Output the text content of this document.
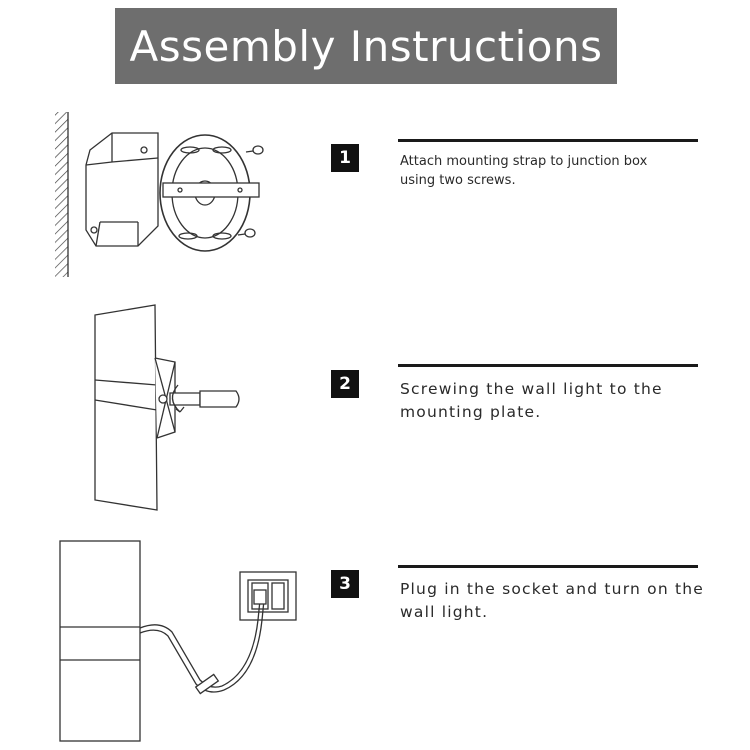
Assembly Instructions
1	Attach mounting strap to junction box
using two screws.
2	Screwing the wall light to the
mounting plate.
3	Plug in the socket and turn on the
wall light.
